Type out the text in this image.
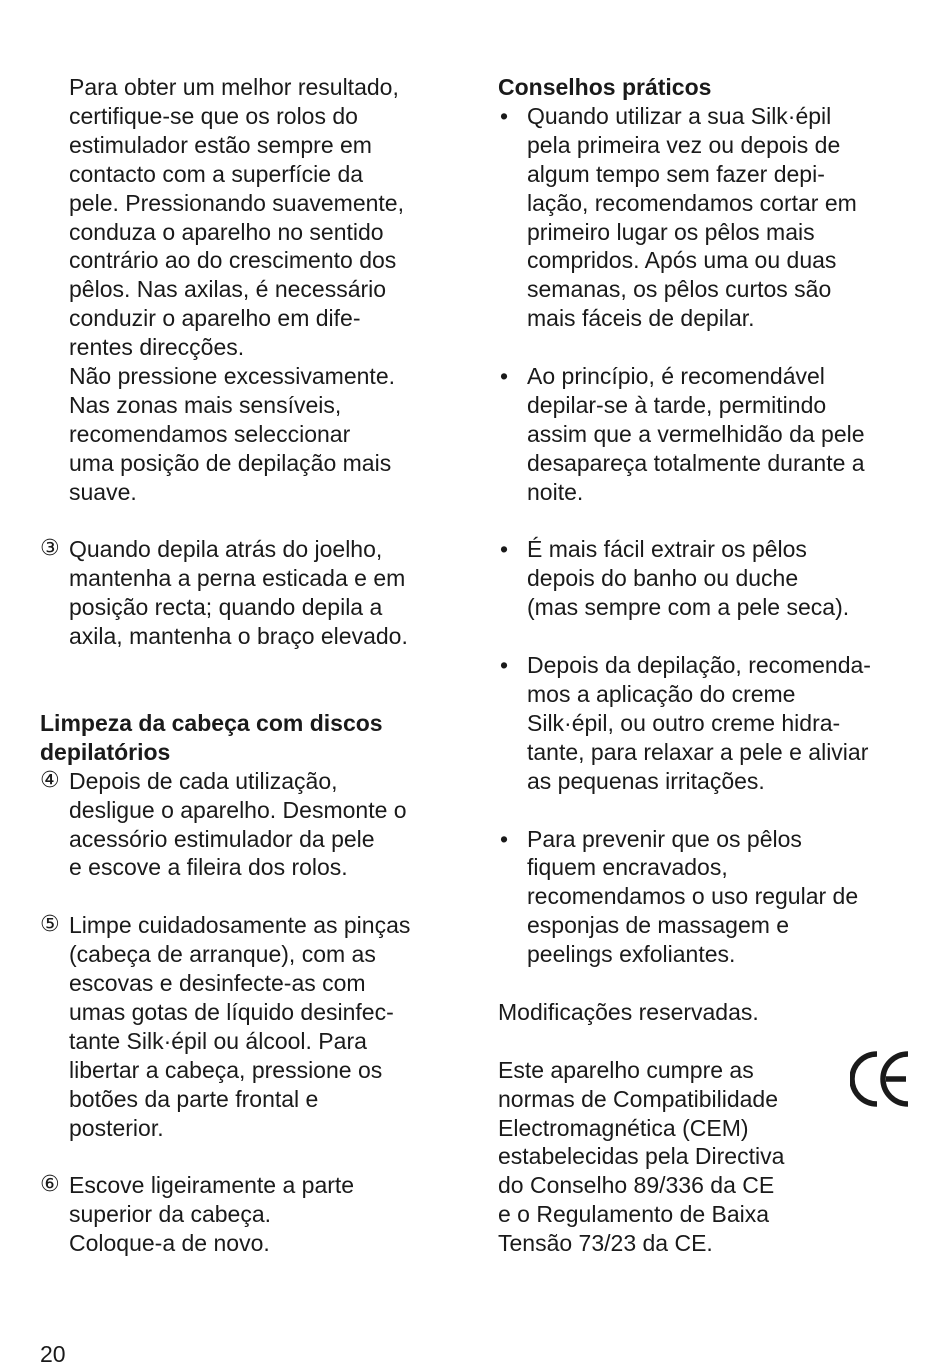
Para obter um melhor resultado,
certifique-se que os rolos do
estimulador estão sempre em
contacto com a superfície da
pele. Pressionando suavemente,
conduza o aparelho no sentido
contrário ao do crescimento dos
pêlos. Nas axilas, é necessário
conduzir o aparelho em dife-
rentes direcções.
Não pressione excessivamente.
Nas zonas mais sensíveis,
recomendamos seleccionar
uma posição de depilação mais
suave.
③ Quando depila atrás do joelho,
mantenha a perna esticada e em
posição recta; quando depila a
axila, mantenha o braço elevado.
Limpeza da cabeça com discos
depilatórios
④ Depois de cada utilização,
desligue o aparelho. Desmonte o
acessório estimulador da pele
e escove a fileira dos rolos.
⑤ Limpe cuidadosamente as pinças
(cabeça de arranque), com as
escovas e desinfecte-as com
umas gotas de líquido desinfec-
tante Silk·épil ou álcool. Para
libertar a cabeça, pressione os
botões da parte frontal e
posterior.
⑥ Escove ligeiramente a parte
superior da cabeça.
Coloque-a de novo.
Conselhos práticos
• Quando utilizar a sua Silk·épil
pela primeira vez ou depois de
algum tempo sem fazer depi-
lação, recomendamos cortar em
primeiro lugar os pêlos mais
compridos. Após uma ou duas
semanas, os pêlos curtos são
mais fáceis de depilar.
• Ao princípio, é recomendável
depilar-se à tarde, permitindo
assim que a vermelhidão da pele
desapareça totalmente durante a
noite.
• É mais fácil extrair os pêlos
depois do banho ou duche
(mas sempre com a pele seca).
• Depois da depilação, recomenda-
mos a aplicação do creme
Silk·épil, ou outro creme hidra-
tante, para relaxar a pele e aliviar
as pequenas irritações.
• Para prevenir que os pêlos
fiquem encravados,
recomendamos o uso regular de
esponjas de massagem e
peelings exfoliantes.
Modificações reservadas.
Este aparelho cumpre as
normas de Compatibilidade
Electromagnética (CEM)
estabelecidas pela Directiva
do Conselho 89/336 da CE
e o Regulamento de Baixa
Tensão 73/23 da CE.
20
